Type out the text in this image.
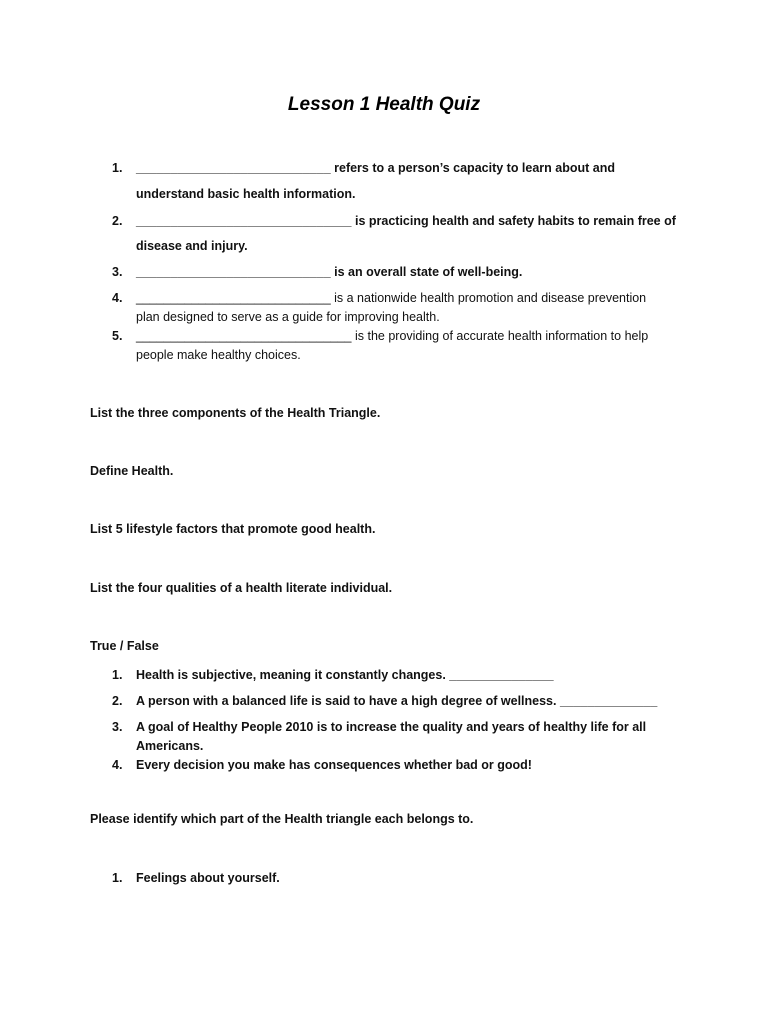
Lesson 1 Health Quiz
1.	____________________________ refers to a person’s capacity to learn about and
understand basic health information.
2.	_______________________________ is practicing health and safety habits to remain free of
disease and injury.
3.	____________________________ is an overall state of well-being.
4.	____________________________ is a nationwide health promotion and disease prevention
plan designed to serve as a guide for improving health.
5.	_______________________________ is the providing of accurate health information to help
people make healthy choices.
List the three components of the Health Triangle.
Define Health.
List 5 lifestyle factors that promote good health.
List the four qualities of a health literate individual.
True / False
1.	Health is subjective, meaning it constantly changes. _______________
2.	A person with a balanced life is said to have a high degree of wellness. ______________
3.	A goal of Healthy People 2010 is to increase the quality and years of healthy life for all
Americans.
4.	Every decision you make has consequences whether bad or good!
Please identify which part of the Health triangle each belongs to.
1.	Feelings about yourself.
